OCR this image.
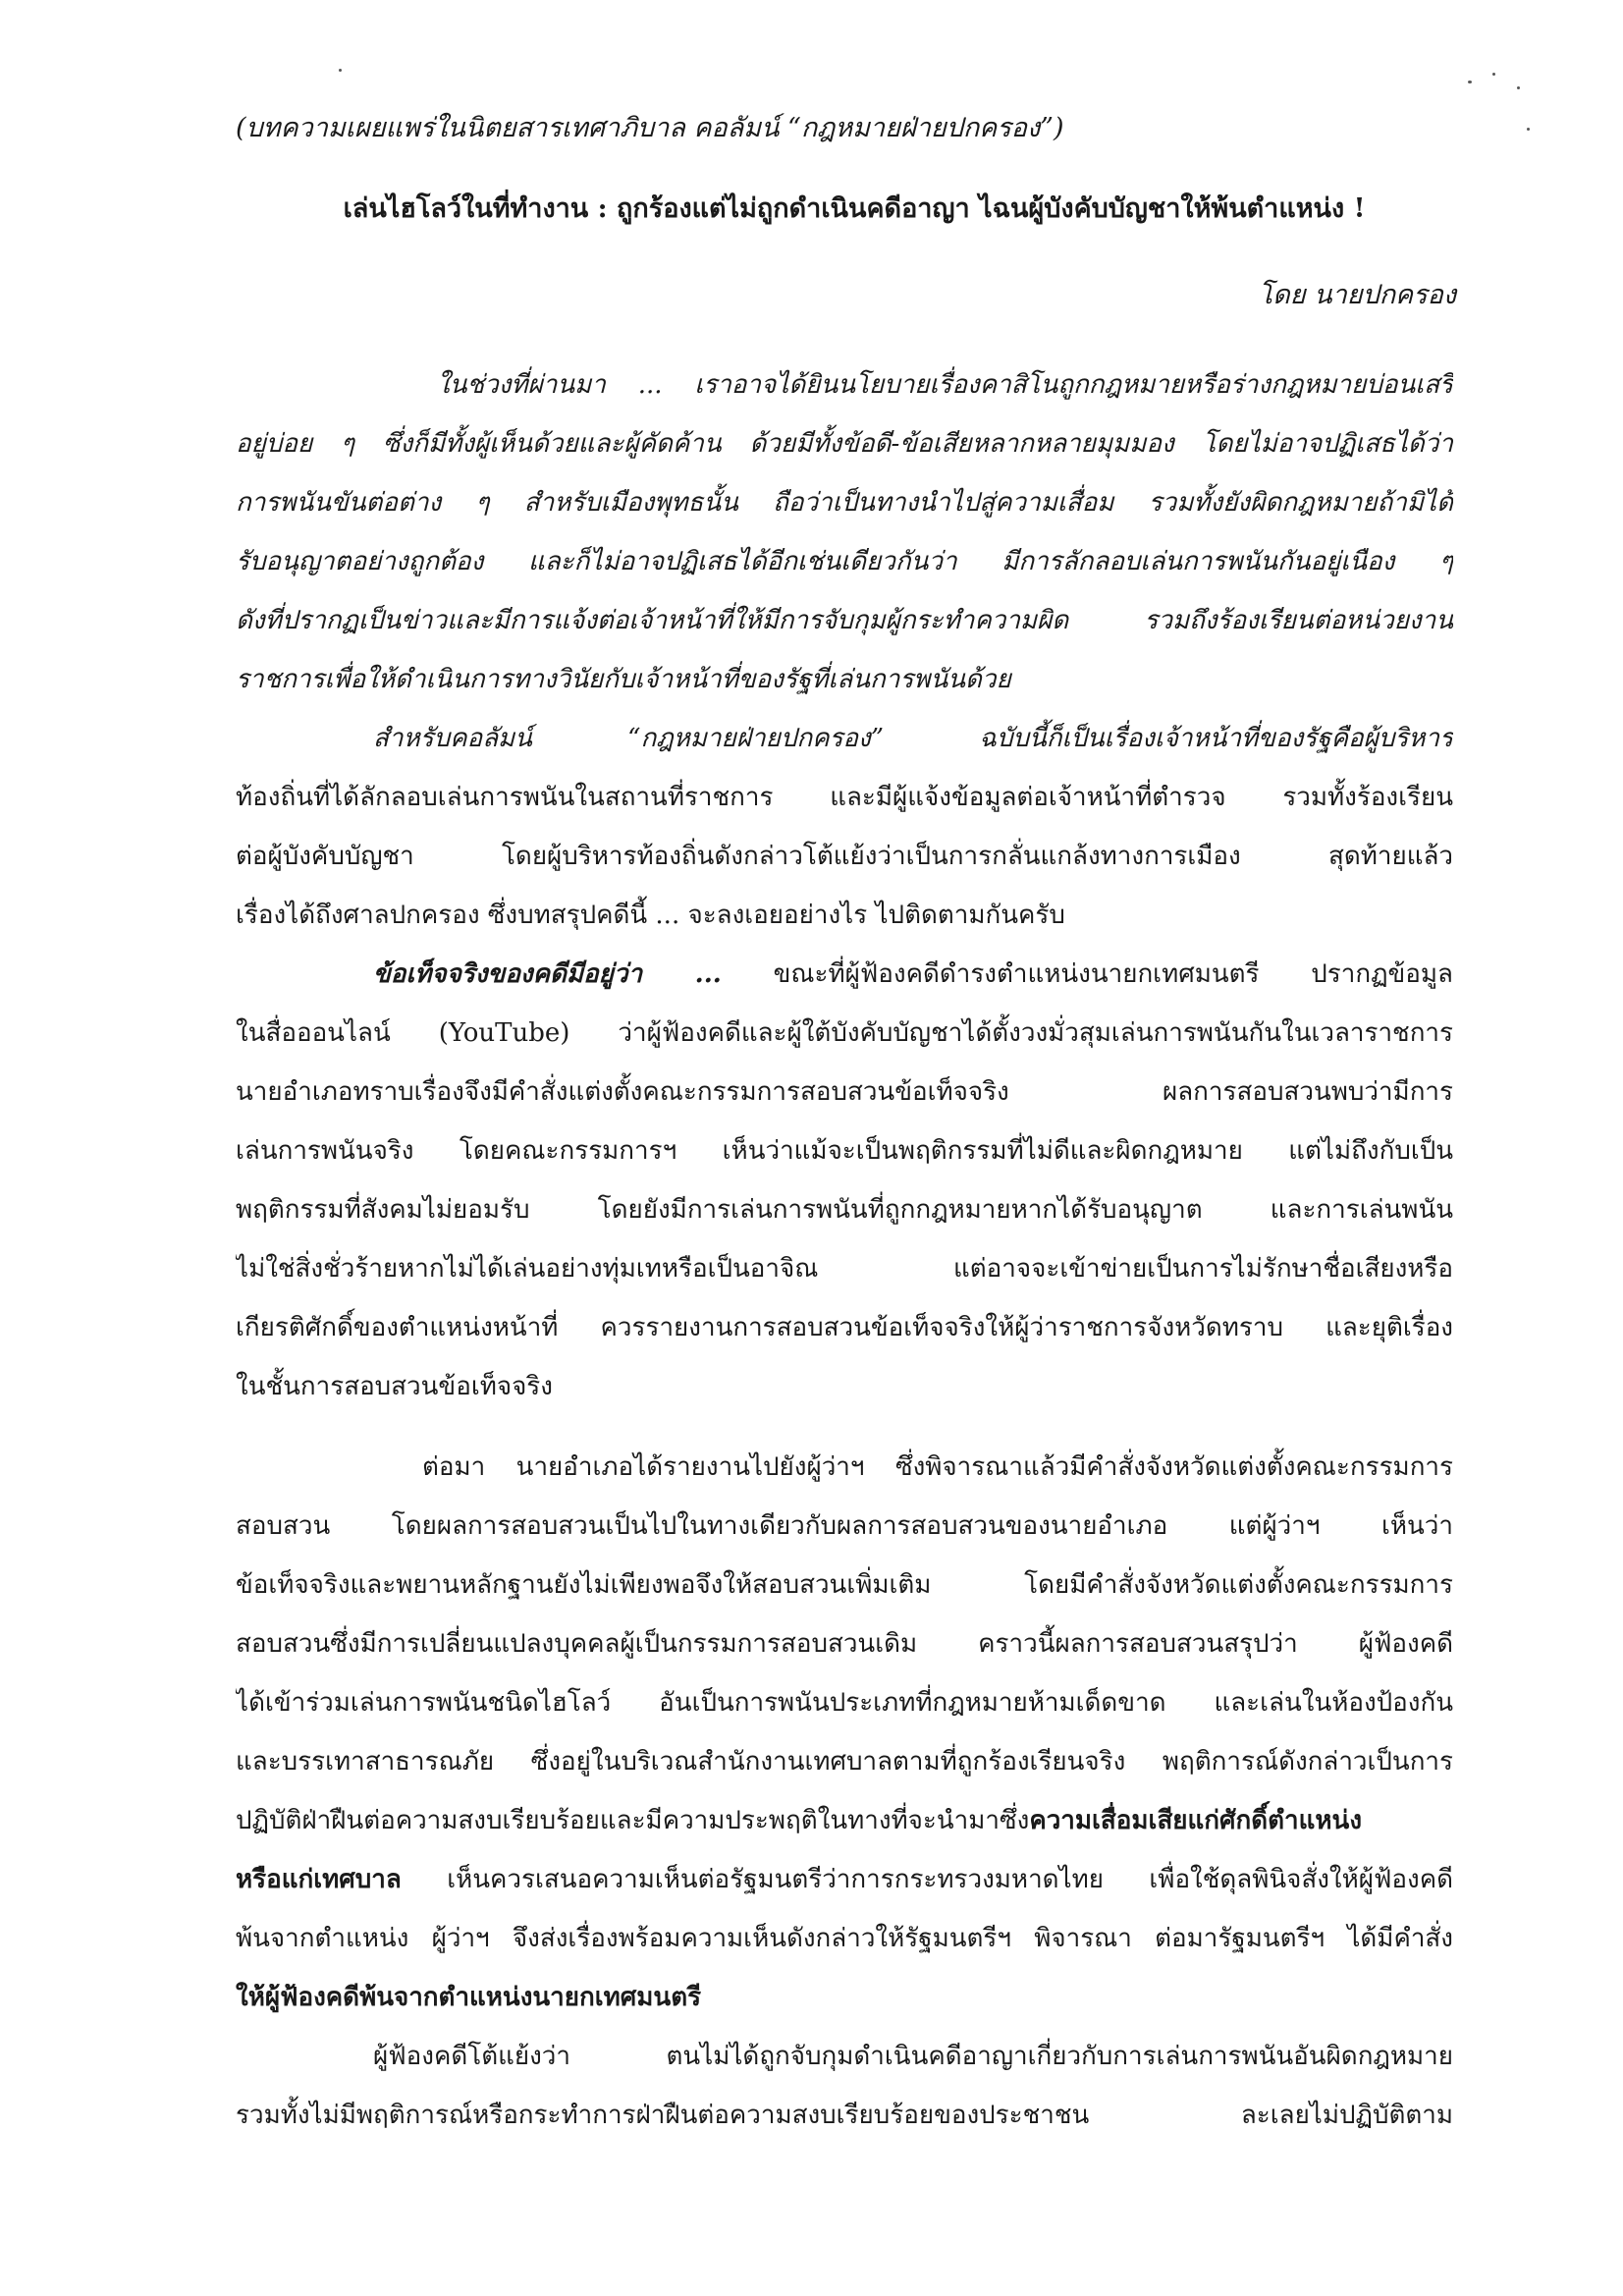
(บทความเผยแพร่ในนิตยสารเทศาภิบาล คอลัมน์ “กฎหมายฝ่ายปกครอง”)
เล่นไฮโลว์ในที่ทำงาน : ถูกร้องแต่ไม่ถูกดำเนินคดีอาญา ไฉนผู้บังคับบัญชาให้พ้นตำแหน่ง !
โดย นายปกครอง
ในช่วงที่ผ่านมา ... เราอาจได้ยินนโยบายเรื่องคาสิโนถูกกฎหมายหรือร่างกฎหมายบ่อนเสรี
อยู่บ่อย ๆ ซึ่งก็มีทั้งผู้เห็นด้วยและผู้คัดค้าน ด้วยมีทั้งข้อดี-ข้อเสียหลากหลายมุมมอง โดยไม่อาจปฏิเสธได้ว่า
การพนันขันต่อต่าง ๆ สำหรับเมืองพุทธนั้น ถือว่าเป็นทางนำไปสู่ความเสื่อม รวมทั้งยังผิดกฎหมายถ้ามิได้
รับอนุญาตอย่างถูกต้อง และก็ไม่อาจปฏิเสธได้อีกเช่นเดียวกันว่า มีการลักลอบเล่นการพนันกันอยู่เนือง ๆ
ดังที่ปรากฏเป็นข่าวและมีการแจ้งต่อเจ้าหน้าที่ให้มีการจับกุมผู้กระทำความผิด รวมถึงร้องเรียนต่อหน่วยงาน
ราชการเพื่อให้ดำเนินการทางวินัยกับเจ้าหน้าที่ของรัฐที่เล่นการพนันด้วย
สำหรับคอลัมน์ “กฎหมายฝ่ายปกครอง” ฉบับนี้ก็เป็นเรื่องเจ้าหน้าที่ของรัฐคือผู้บริหาร
ท้องถิ่นที่ได้ลักลอบเล่นการพนันในสถานที่ราชการ และมีผู้แจ้งข้อมูลต่อเจ้าหน้าที่ตำรวจ รวมทั้งร้องเรียน
ต่อผู้บังคับบัญชา โดยผู้บริหารท้องถิ่นดังกล่าวโต้แย้งว่าเป็นการกลั่นแกล้งทางการเมือง สุดท้ายแล้ว
เรื่องได้ถึงศาลปกครอง ซึ่งบทสรุปคดีนี้ ... จะลงเอยอย่างไร ไปติดตามกันครับ
ข้อเท็จจริงของคดีมีอยู่ว่า ... ขณะที่ผู้ฟ้องคดีดำรงตำแหน่งนายกเทศมนตรี ปรากฏข้อมูล
ในสื่อออนไลน์ (YouTube) ว่าผู้ฟ้องคดีและผู้ใต้บังคับบัญชาได้ตั้งวงมั่วสุมเล่นการพนันกันในเวลาราชการ
นายอำเภอทราบเรื่องจึงมีคำสั่งแต่งตั้งคณะกรรมการสอบสวนข้อเท็จจริง ผลการสอบสวนพบว่ามีการ
เล่นการพนันจริง โดยคณะกรรมการฯ เห็นว่าแม้จะเป็นพฤติกรรมที่ไม่ดีและผิดกฎหมาย แต่ไม่ถึงกับเป็น
พฤติกรรมที่สังคมไม่ยอมรับ โดยยังมีการเล่นการพนันที่ถูกกฎหมายหากได้รับอนุญาต และการเล่นพนัน
ไม่ใช่สิ่งชั่วร้ายหากไม่ได้เล่นอย่างทุ่มเทหรือเป็นอาจิณ แต่อาจจะเข้าข่ายเป็นการไม่รักษาชื่อเสียงหรือ
เกียรติศักดิ์ของตำแหน่งหน้าที่ ควรรายงานการสอบสวนข้อเท็จจริงให้ผู้ว่าราชการจังหวัดทราบ และยุติเรื่อง
ในชั้นการสอบสวนข้อเท็จจริง
ต่อมา นายอำเภอได้รายงานไปยังผู้ว่าฯ ซึ่งพิจารณาแล้วมีคำสั่งจังหวัดแต่งตั้งคณะกรรมการ
สอบสวน โดยผลการสอบสวนเป็นไปในทางเดียวกับผลการสอบสวนของนายอำเภอ แต่ผู้ว่าฯ เห็นว่า
ข้อเท็จจริงและพยานหลักฐานยังไม่เพียงพอจึงให้สอบสวนเพิ่มเติม โดยมีคำสั่งจังหวัดแต่งตั้งคณะกรรมการ
สอบสวนซึ่งมีการเปลี่ยนแปลงบุคคลผู้เป็นกรรมการสอบสวนเดิม คราวนี้ผลการสอบสวนสรุปว่า ผู้ฟ้องคดี
ได้เข้าร่วมเล่นการพนันชนิดไฮโลว์ อันเป็นการพนันประเภทที่กฎหมายห้ามเด็ดขาด และเล่นในห้องป้องกัน
และบรรเทาสาธารณภัย ซึ่งอยู่ในบริเวณสำนักงานเทศบาลตามที่ถูกร้องเรียนจริง พฤติการณ์ดังกล่าวเป็นการ
ปฏิบัติฝ่าฝืนต่อความสงบเรียบร้อยและมีความประพฤติในทางที่จะนำมาซึ่งความเสื่อมเสียแก่ศักดิ์ตำแหน่ง
หรือแก่เทศบาล เห็นควรเสนอความเห็นต่อรัฐมนตรีว่าการกระทรวงมหาดไทย เพื่อใช้ดุลพินิจสั่งให้ผู้ฟ้องคดี
พ้นจากตำแหน่ง ผู้ว่าฯ จึงส่งเรื่องพร้อมความเห็นดังกล่าวให้รัฐมนตรีฯ พิจารณา ต่อมารัฐมนตรีฯ ได้มีคำสั่ง
ให้ผู้ฟ้องคดีพ้นจากตำแหน่งนายกเทศมนตรี
ผู้ฟ้องคดีโต้แย้งว่า ตนไม่ได้ถูกจับกุมดำเนินคดีอาญาเกี่ยวกับการเล่นการพนันอันผิดกฎหมาย
รวมทั้งไม่มีพฤติการณ์หรือกระทำการฝ่าฝืนต่อความสงบเรียบร้อยของประชาชน ละเลยไม่ปฏิบัติตาม
